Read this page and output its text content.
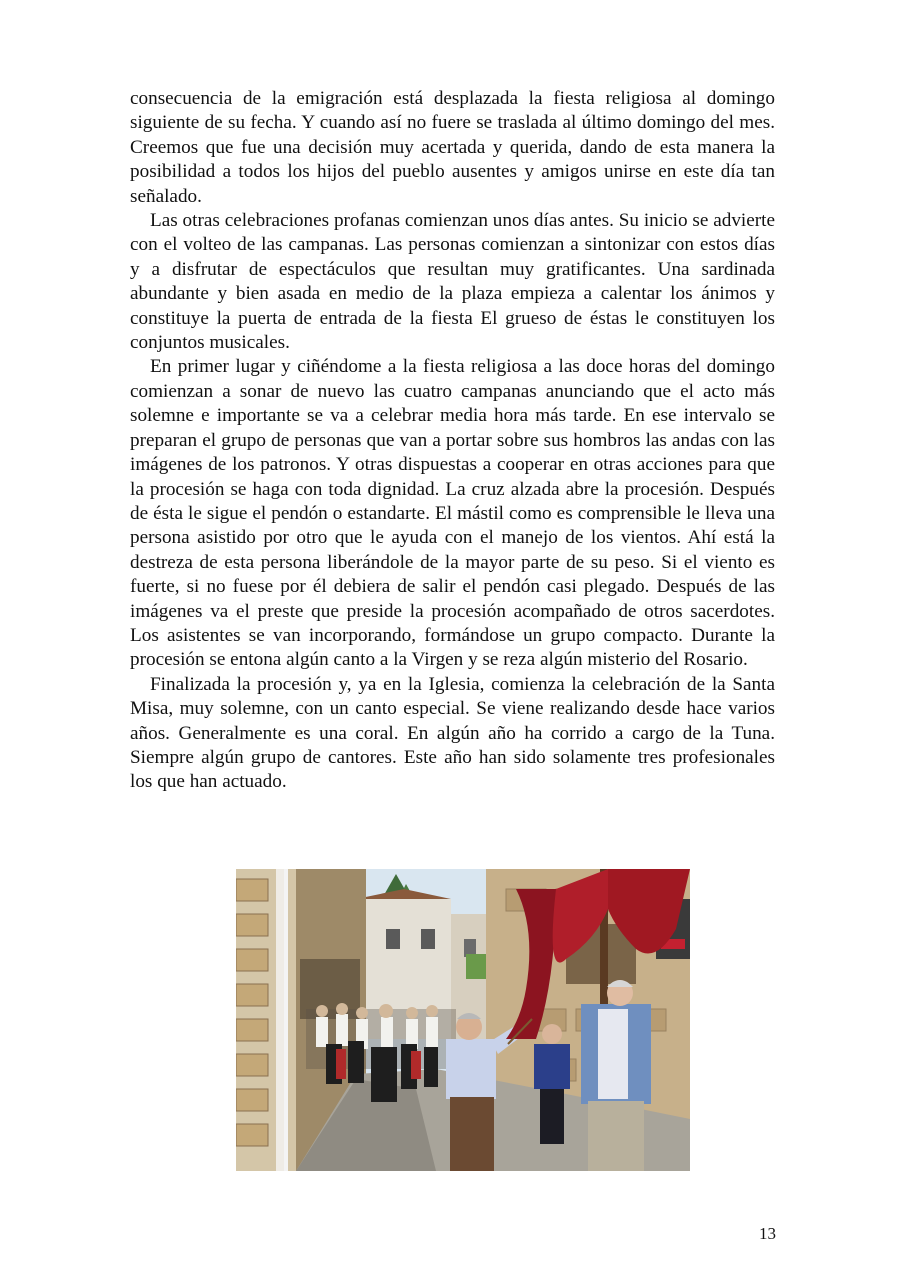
consecuencia de la emigración está desplazada la fiesta religiosa al domingo siguiente de su fecha. Y cuando así no fuere se traslada al último domingo del mes. Creemos que fue una decisión muy acertada y querida, dando de esta manera la posibilidad a todos los hijos del pueblo ausentes y amigos unirse en este día tan señalado.

Las otras celebraciones profanas comienzan unos días antes. Su inicio se advierte con el volteo de las campanas. Las personas comienzan a sintonizar con estos días y a disfrutar de espectáculos que resultan muy gratificantes. Una sardinada abundante y bien asada en medio de la plaza empieza a calentar los ánimos y constituye la puerta de entrada de la fiesta El grueso de éstas le constituyen los conjuntos musicales.

En primer lugar y ciñéndome a la fiesta religiosa a las doce horas del domingo comienzan a sonar de nuevo las cuatro campanas anunciando que el acto más solemne e importante se va a celebrar media hora más tarde. En ese intervalo se preparan el grupo de personas que van a portar sobre sus hombros las andas con las imágenes de los patronos. Y otras dispuestas a cooperar en otras acciones para que la procesión se haga con toda dignidad. La cruz alzada abre la procesión. Después de ésta le sigue el pendón o estandarte. El mástil como es comprensible le lleva una persona asistido por otro que le ayuda con el manejo de los vientos. Ahí está la destreza de esta persona liberándole de la mayor parte de su peso. Si el viento es fuerte, si no fuese por él debiera de salir el pendón casi plegado. Después de las imágenes va el preste que preside la procesión acompañado de otros sacerdotes. Los asistentes se van incorporando, formándose un grupo compacto. Durante la procesión se entona algún canto a la Virgen y se reza algún misterio del Rosario.

Finalizada la procesión y, ya en la Iglesia, comienza la celebración de la Santa Misa, muy solemne, con un canto especial. Se viene realizando desde hace varios años. Generalmente es una coral. En algún año ha corrido a cargo de la Tuna. Siempre algún grupo de cantores. Este año han sido solamente tres profesionales los que han actuado.

13
